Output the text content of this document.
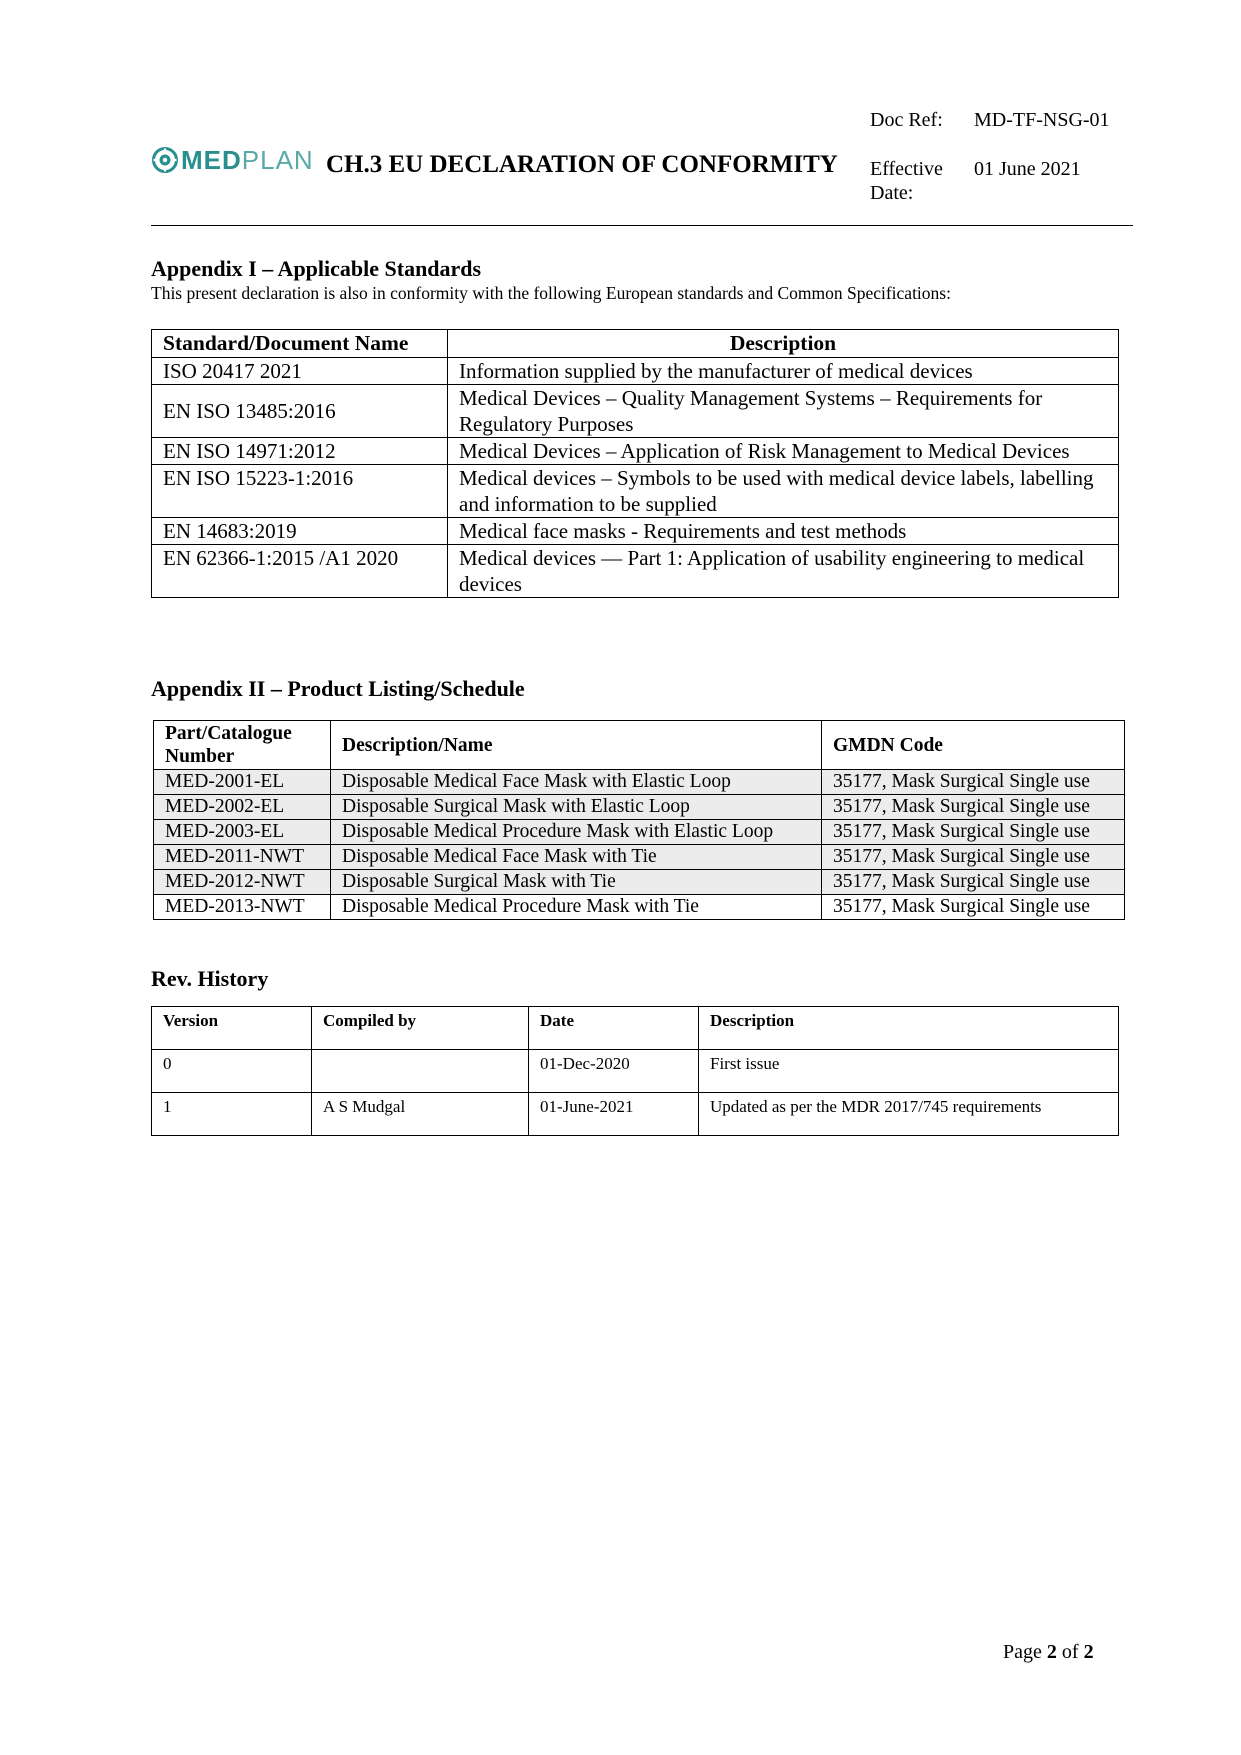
MEDPLAN CH.3 EU DECLARATION OF CONFORMITY
Doc Ref: MD-TF-NSG-01
Effective Date:
01 June 2021
Appendix I – Applicable Standards
This present declaration is also in conformity with the following European standards and Common Specifications:
Standard/Document Name	Description
ISO 20417 2021	Information supplied by the manufacturer of medical devices
EN ISO 13485:2016	Medical Devices – Quality Management Systems – Requirements for Regulatory Purposes
EN ISO 14971:2012	Medical Devices – Application of Risk Management to Medical Devices
EN ISO 15223-1:2016	Medical devices – Symbols to be used with medical device labels, labelling and information to be supplied
EN 14683:2019	Medical face masks - Requirements and test methods
EN 62366-1:2015 /A1 2020	Medical devices — Part 1: Application of usability engineering to medical devices
Appendix II – Product Listing/Schedule
Part/Catalogue Number	Description/Name	GMDN Code
MED-2001-EL	Disposable Medical Face Mask with Elastic Loop	35177, Mask Surgical Single use
MED-2002-EL	Disposable Surgical Mask with Elastic Loop	35177, Mask Surgical Single use
MED-2003-EL	Disposable Medical Procedure Mask with Elastic Loop	35177, Mask Surgical Single use
MED-2011-NWT	Disposable Medical Face Mask with Tie	35177, Mask Surgical Single use
MED-2012-NWT	Disposable Surgical Mask with Tie	35177, Mask Surgical Single use
MED-2013-NWT	Disposable Medical Procedure Mask with Tie	35177, Mask Surgical Single use
Rev. History
Version	Compiled by	Date	Description
0		01-Dec-2020	First issue
1	A S Mudgal	01-June-2021	Updated as per the MDR 2017/745 requirements
Page 2 of 2
